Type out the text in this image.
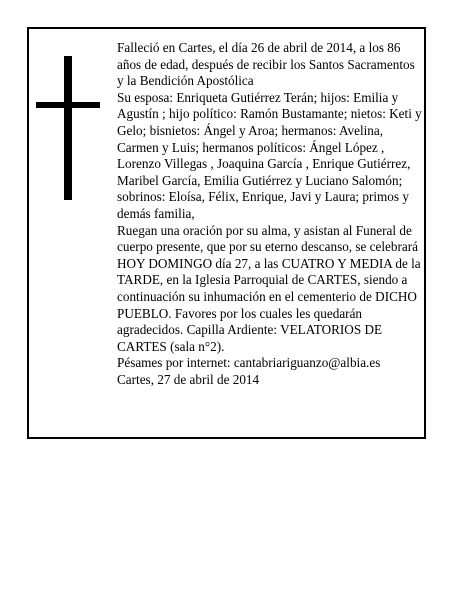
Falleció en Cartes, el día 26 de abril de 2014, a los 86 años de edad, después de recibir los Santos Sacramentos y la Bendición Apostólica

Su esposa: Enriqueta Gutiérrez Terán; hijos: Emilia y Agustín ; hijo político: Ramón Bustamante; nietos: Keti y Gelo; bisnietos: Ángel y Aroa; hermanos: Avelina, Carmen y Luis; hermanos políticos: Ángel López , Lorenzo Villegas , Joaquina García , Enrique Gutiérrez, Maribel García, Emilia Gutiérrez y Luciano Salomón; sobrinos: Eloísa, Félix, Enrique, Javi y Laura; primos y demás familia,

Ruegan una oración por su alma, y asistan al Funeral de cuerpo presente, que por su eterno descanso, se celebrará HOY DOMINGO día 27, a las CUATRO Y MEDIA de la TARDE, en la Iglesia Parroquial de CARTES, siendo a continuación su inhumación en el cementerio de DICHO PUEBLO. Favores por los cuales les quedarán agradecidos. Capilla Ardiente: VELATORIOS DE CARTES (sala n°2).

Pésames por internet: cantabriariguanzo@albia.es

Cartes, 27 de abril de 2014
